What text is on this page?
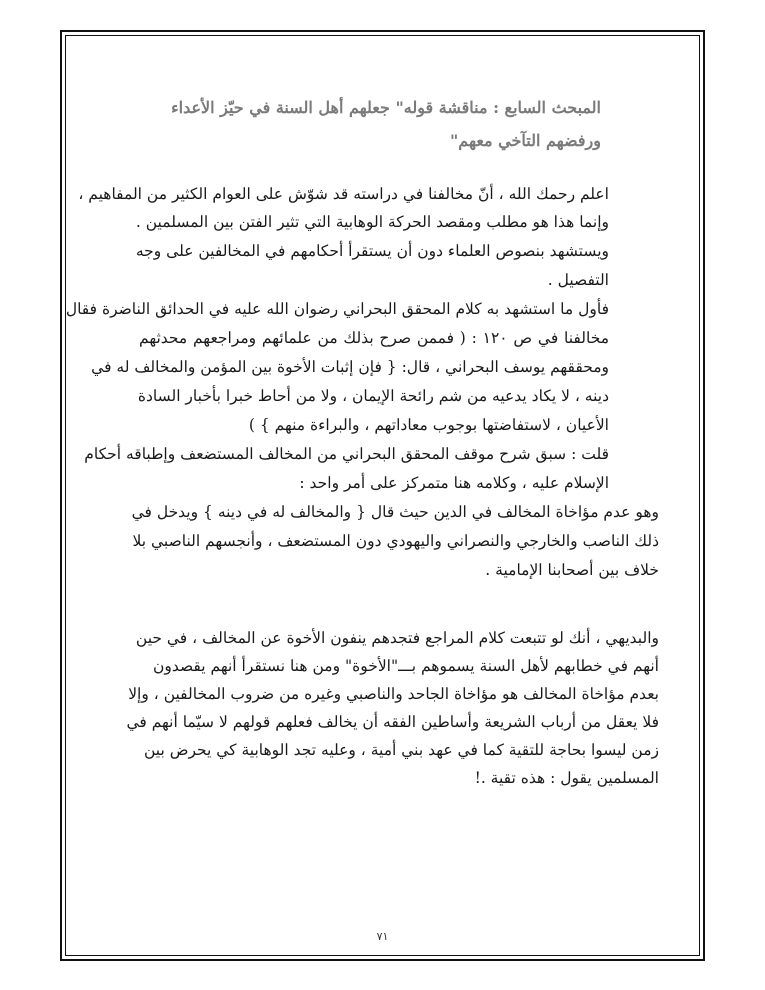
المبحث السابع : مناقشة قوله" جعلهم أهل السنة في حيّز الأعداء
ورفضهم التآخي معهم"
اعلم رحمك الله ، أنّ مخالفنا في دراسته قد شوّش على العوام الكثير من المفاهيم ،
وإنما هذا هو مطلب ومقصد الحركة الوهابية التي تثير الفتن بين المسلمين .
ويستشهد بنصوص العلماء دون أن يستقرأ أحكامهم في المخالفين على وجه
التفصيل .
فأول ما استشهد به كلام المحقق البحراني رضوان الله عليه في الحدائق الناضرة فقال
مخالفنا في ص ١٢٠ : ( فممن صرح بذلك من علمائهم ومراجعهم محدثهم
ومحققهم يوسف البحراني ، قال: { فإن إثبات الأخوة بين المؤمن والمخالف له في
دينه ، لا يكاد يدعيه من شم رائحة الإيمان ، ولا من أحاط خبرا بأخبار السادة
الأعيان ، لاستفاضتها بوجوب معاداتهم ، والبراءة منهم } )
قلت : سبق شرح موقف المحقق البحراني من المخالف المستضعف وإطباقه أحكام
الإسلام عليه ، وكلامه هنا متمركز على أمر واحد :
وهو عدم مؤاخاة المخالف في الدين حيث قال { والمخالف له في دينه } ويدخل في
ذلك الناصب والخارجي والنصراني واليهودي دون المستضعف ، وأنجسهم الناصبي بلا
خلاف بين أصحابنا الإمامية .
والبديهي ، أنك لو تتبعت كلام المراجع فتجدهم ينفون الأخوة عن المخالف ، في حين
أنهم في خطابهم لأهل السنة يسموهم بـــ"الأخوة" ومن هنا نستقرأ أنهم يقصدون
بعدم مؤاخاة المخالف هو مؤاخاة الجاحد والناصبي وغيره من ضروب المخالفين ، وإلا
فلا يعقل من أرباب الشريعة وأساطين الفقه أن يخالف فعلهم قولهم لا سيّما أنهم في
زمن ليسوا بحاجة للتقية كما في عهد بني أمية ، وعليه تجد الوهابية كي يحرض بين
المسلمين يقول : هذه تقية .!
٧١
